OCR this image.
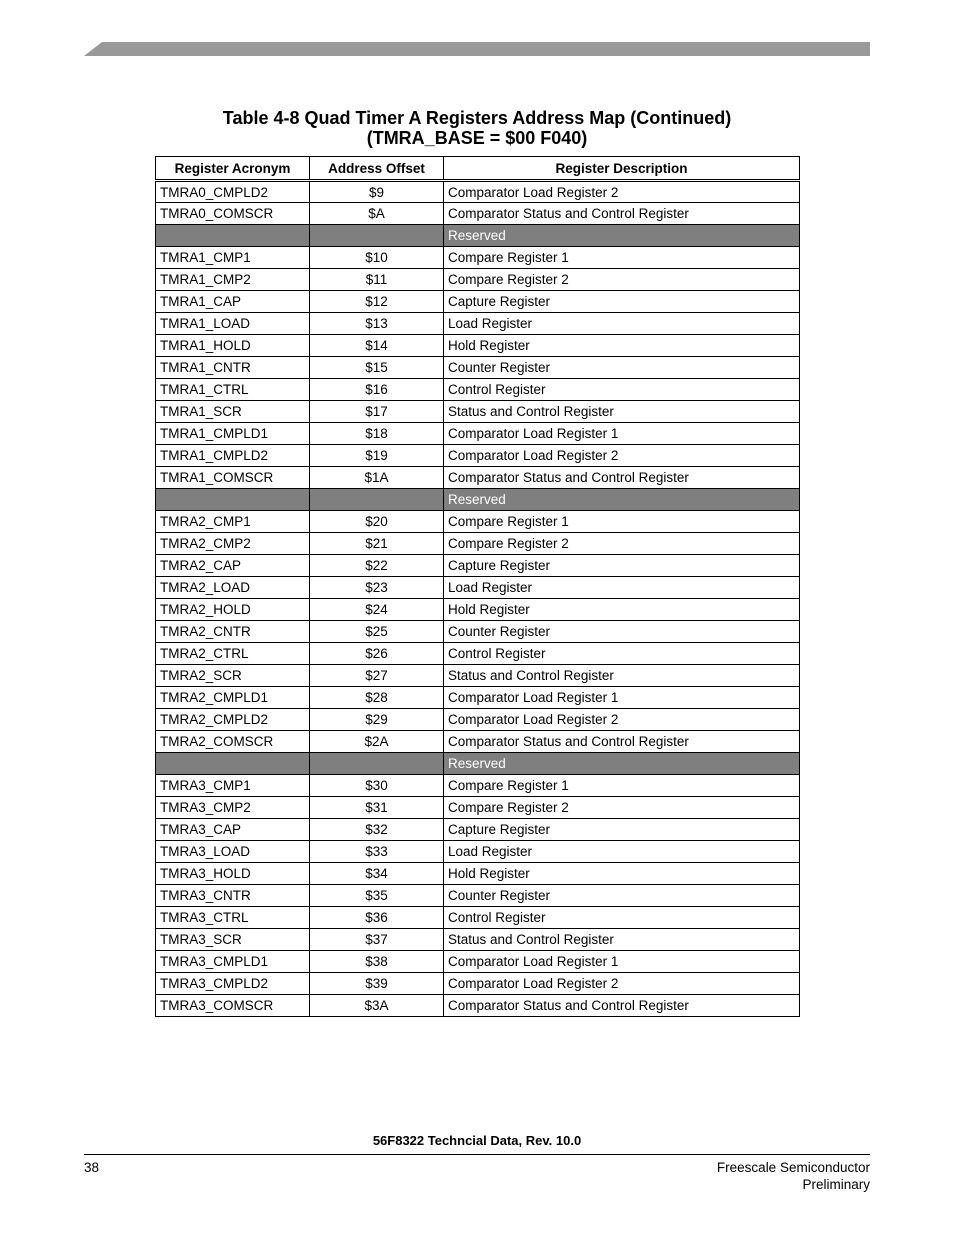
Table 4-8 Quad Timer A Registers Address Map (Continued)
(TMRA_BASE = $00 F040)
Register Acronym	Address Offset	Register Description
TMRA0_CMPLD2	$9	Comparator Load Register 2
TMRA0_COMSCR	$A	Comparator Status and Control Register
		Reserved
TMRA1_CMP1	$10	Compare Register 1
TMRA1_CMP2	$11	Compare Register 2
TMRA1_CAP	$12	Capture Register
TMRA1_LOAD	$13	Load Register
TMRA1_HOLD	$14	Hold Register
TMRA1_CNTR	$15	Counter Register
TMRA1_CTRL	$16	Control Register
TMRA1_SCR	$17	Status and Control Register
TMRA1_CMPLD1	$18	Comparator Load Register 1
TMRA1_CMPLD2	$19	Comparator Load Register 2
TMRA1_COMSCR	$1A	Comparator Status and Control Register
		Reserved
TMRA2_CMP1	$20	Compare Register 1
TMRA2_CMP2	$21	Compare Register 2
TMRA2_CAP	$22	Capture Register
TMRA2_LOAD	$23	Load Register
TMRA2_HOLD	$24	Hold Register
TMRA2_CNTR	$25	Counter Register
TMRA2_CTRL	$26	Control Register
TMRA2_SCR	$27	Status and Control Register
TMRA2_CMPLD1	$28	Comparator Load Register 1
TMRA2_CMPLD2	$29	Comparator Load Register 2
TMRA2_COMSCR	$2A	Comparator Status and Control Register
		Reserved
TMRA3_CMP1	$30	Compare Register 1
TMRA3_CMP2	$31	Compare Register 2
TMRA3_CAP	$32	Capture Register
TMRA3_LOAD	$33	Load Register
TMRA3_HOLD	$34	Hold Register
TMRA3_CNTR	$35	Counter Register
TMRA3_CTRL	$36	Control Register
TMRA3_SCR	$37	Status and Control Register
TMRA3_CMPLD1	$38	Comparator Load Register 1
TMRA3_CMPLD2	$39	Comparator Load Register 2
TMRA3_COMSCR	$3A	Comparator Status and Control Register
56F8322 Techncial Data, Rev. 10.0
38	Freescale Semiconductor
Preliminary
